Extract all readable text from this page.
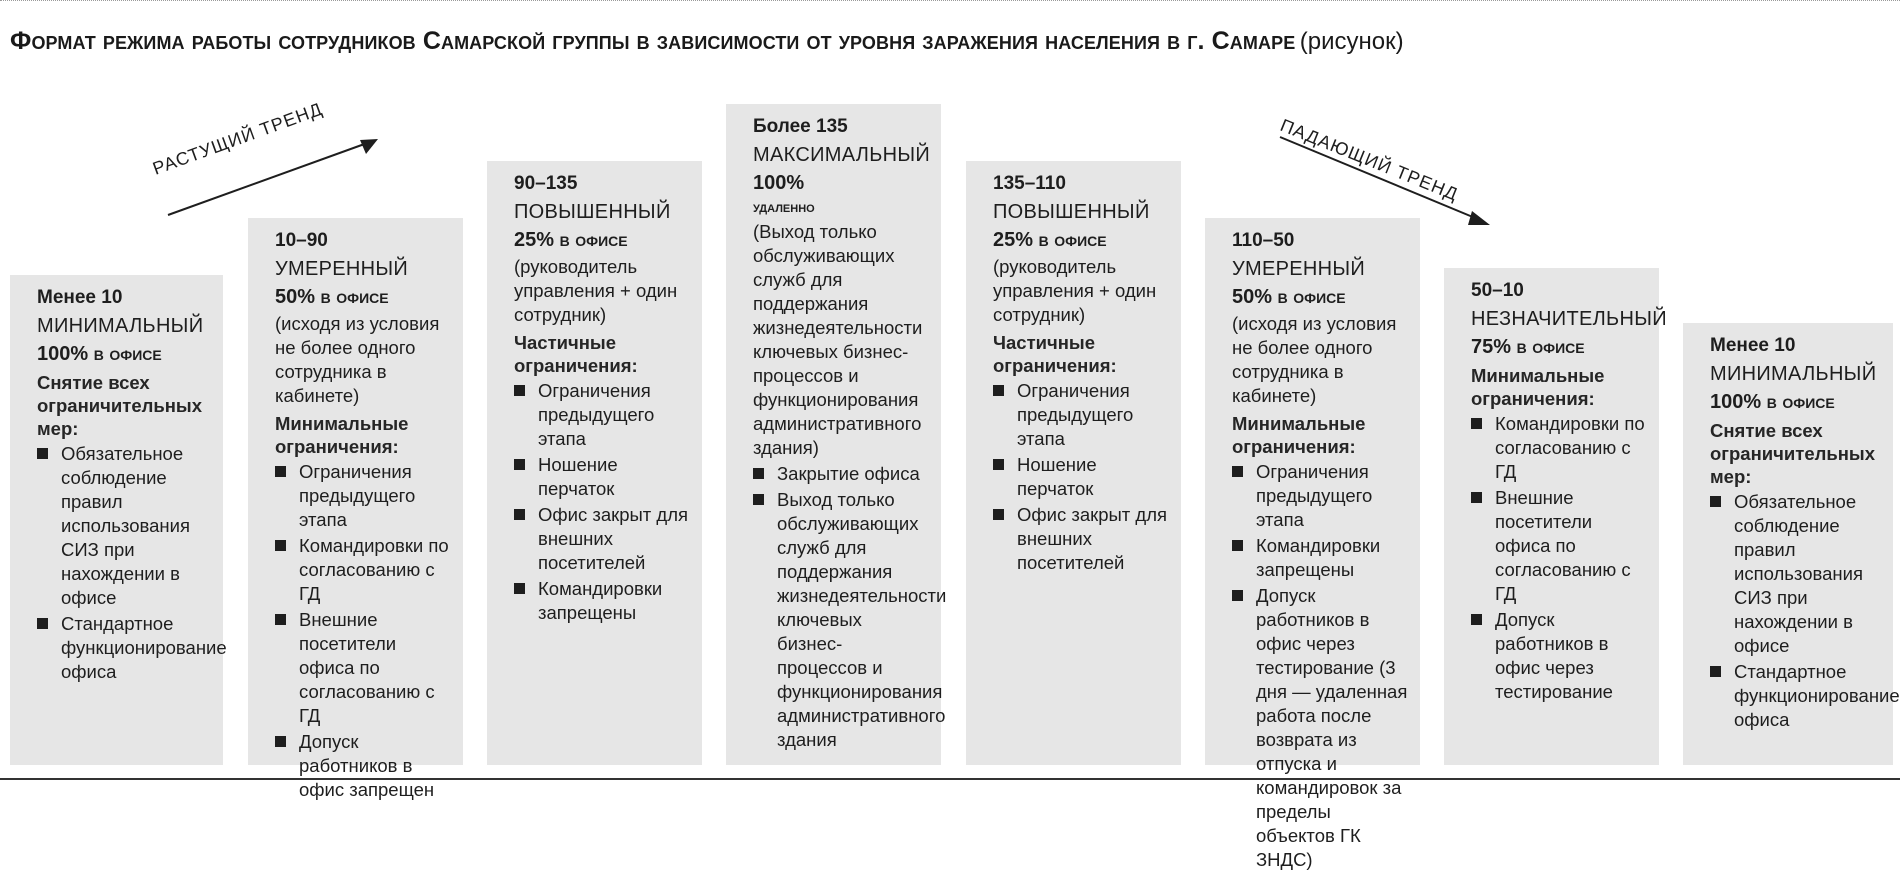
Формат режима работы сотрудников Самарской группы в зависимости от уровня заражения населения в г. Самаре (рисунок)
РАСТУЩИЙ ТРЕНД	ПАДАЮЩИЙ ТРЕНД
Менее 10
МИНИМАЛЬНЫЙ
100% в офисе
Снятие всех ограничительных мер:
Обязательное соблюдение правил использования СИЗ при нахождении в офисе
Стандартное функционирование офиса
10–90
УМЕРЕННЫЙ
50% в офисе
(исходя из условия не более одного сотрудника в кабинете)
Минимальные ограничения:
Ограничения предыдущего этапа
Командировки по согласованию с ГД
Внешние посетители офиса по согласованию с ГД
Допуск работников в офис запрещен
90–135
ПОВЫШЕННЫЙ
25% в офисе
(руководитель управления + один сотрудник)
Частичные ограничения:
Ограничения предыдущего этапа
Ношение перчаток
Офис закрыт для внешних посетителей
Командировки запрещены
Более 135
МАКСИМАЛЬНЫЙ
100%
удаленно
(Выход только обслуживающих служб для поддержания жизнедеятельности ключевых бизнес-процессов и функционирования административного здания)
Закрытие офиса
Выход только обслуживающих служб для поддержания жизнедеятельности ключевых бизнес-процессов и функционирования административного здания
135–110
ПОВЫШЕННЫЙ
25% в офисе
(руководитель управления + один сотрудник)
Частичные ограничения:
Ограничения предыдущего этапа
Ношение перчаток
Офис закрыт для внешних посетителей
110–50
УМЕРЕННЫЙ
50% в офисе
(исходя из условия не более одного сотрудника в кабинете)
Минимальные ограничения:
Ограничения предыдущего этапа
Командировки запрещены
Допуск работников в офис через тестирование (3 дня — удаленная работа после возврата из отпуска и командировок за пределы объектов ГК ЗНДС)
50–10
НЕЗНАЧИТЕЛЬНЫЙ
75% в офисе
Минимальные ограничения:
Командировки по согласованию с ГД
Внешние посетители офиса по согласованию с ГД
Допуск работников в офис через тестирование
Менее 10
МИНИМАЛЬНЫЙ
100% в офисе
Снятие всех ограничительных мер:
Обязательное соблюдение правил использования СИЗ при нахождении в офисе
Стандартное функционирование офиса
